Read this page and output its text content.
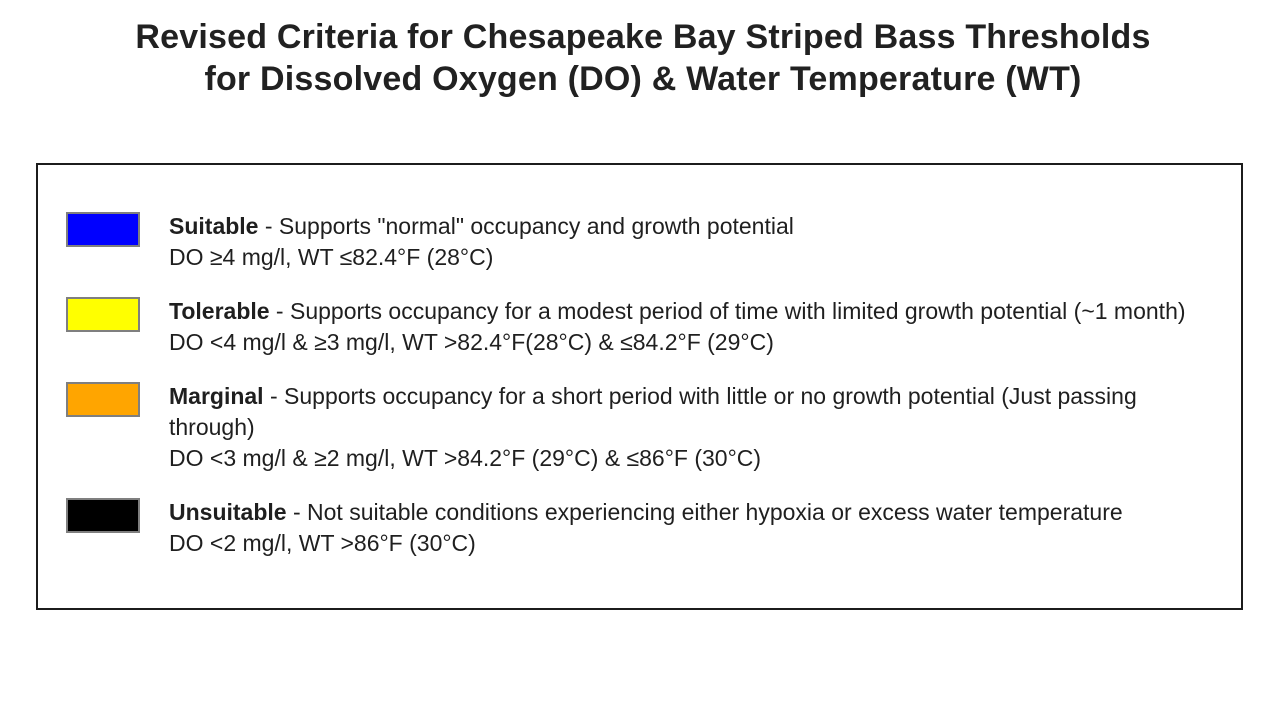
Revised Criteria for Chesapeake Bay Striped Bass Thresholds
for Dissolved Oxygen (DO) & Water Temperature (WT)
Suitable - Supports "normal" occupancy and growth potential
DO ≥4 mg/l, WT ≤82.4°F (28°C)
Tolerable - Supports occupancy for a modest period of time with limited growth potential (~1 month)
DO <4 mg/l & ≥3 mg/l, WT >82.4°F(28°C) & ≤84.2°F (29°C)
Marginal - Supports occupancy for a short period with little or no growth potential (Just passing through)
DO <3 mg/l & ≥2 mg/l, WT >84.2°F (29°C) & ≤86°F (30°C)
Unsuitable - Not suitable conditions experiencing either hypoxia or excess water temperature
DO <2 mg/l, WT >86°F (30°C)
